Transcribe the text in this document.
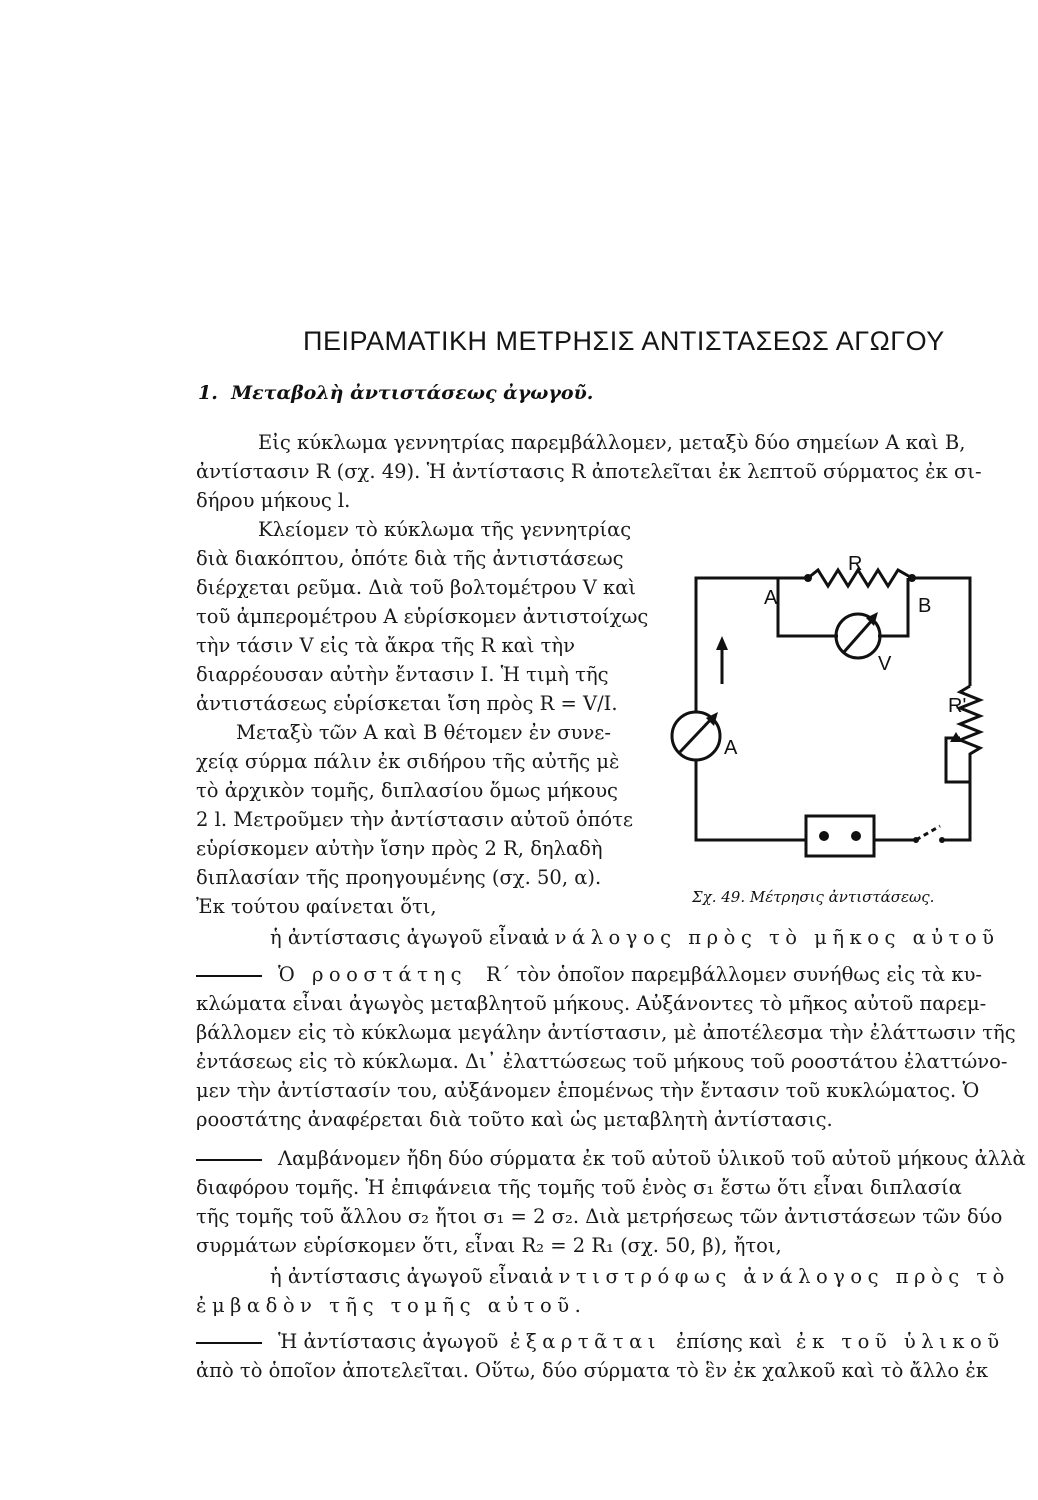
ΠΕΙΡΑΜΑΤΙΚΗ ΜΕΤΡΗΣΙΣ ΑΝΤΙΣΤΑΣΕΩΣ ΑΓΩΓΟΥ
1. Μεταβολὴ ἀντιστάσεως ἀγωγοῦ.
Εἰς κύκλωμα γεννητρίας παρεμβάλλομεν, μεταξὺ δύο σημείων A καὶ B,
ἀντίστασιν R (σχ. 49). Ἡ ἀντίστασις R ἀποτελεῖται ἐκ λεπτοῦ σύρματος ἐκ σι-
δήρου μήκους l.
Κλείομεν τὸ κύκλωμα τῆς γεννητρίας
διὰ διακόπτου, ὁπότε διὰ τῆς ἀντιστάσεως
διέρχεται ρεῦμα. Διὰ τοῦ βολτομέτρου V καὶ
τοῦ ἀμπερομέτρου A εὑρίσκομεν ἀντιστοίχως
τὴν τάσιν V εἰς τὰ ἄκρα τῆς R καὶ τὴν
διαρρέουσαν αὐτὴν ἔντασιν I. Ἡ τιμὴ τῆς
ἀντιστάσεως εὑρίσκεται ἴση πρὸς R = V/I.
Μεταξὺ τῶν A καὶ B θέτομεν ἐν συνε-
χείᾳ σύρμα πάλιν ἐκ σιδήρου τῆς αὐτῆς μὲ
τὸ ἀρχικὸν τομῆς, διπλασίου ὅμως μήκους
2 l. Μετροῦμεν τὴν ἀντίστασιν αὐτοῦ ὁπότε
εὑρίσκομεν αὐτὴν ἴσην πρὸς 2 R, δηλαδὴ
διπλασίαν τῆς προηγουμένης (σχ. 50, α).
Ἐκ τούτου φαίνεται ὅτι,
ἡ ἀντίστασις ἀγωγοῦ εἶναι
ἀνάλογος πρὸς τὸ μῆκος αὐτοῦ
Ὁ ροοστάτης R΄ τὸν ὁποῖον παρεμβάλλομεν συνήθως εἰς τὰ κυ-
κλώματα εἶναι ἀγωγὸς μεταβλητοῦ μήκους. Αὐξάνοντες τὸ μῆκος αὐτοῦ παρεμ-
βάλλομεν εἰς τὸ κύκλωμα μεγάλην ἀντίστασιν, μὲ ἀποτέλεσμα τὴν ἐλάττωσιν τῆς
ἐντάσεως εἰς τὸ κύκλωμα. Δι᾽ ἐλαττώσεως τοῦ μήκους τοῦ ροοστάτου ἐλαττώνο-
μεν τὴν ἀντίστασίν του, αὐξάνομεν ἑπομένως τὴν ἔντασιν τοῦ κυκλώματος. Ὁ
ροοστάτης ἀναφέρεται διὰ τοῦτο καὶ ὡς μεταβλητὴ ἀντίστασις.
Λαμβάνομεν ἤδη δύο σύρματα ἐκ τοῦ αὐτοῦ ὑλικοῦ τοῦ αὐτοῦ μήκους ἀλλὰ
διαφόρου τομῆς. Ἡ ἐπιφάνεια τῆς τομῆς τοῦ ἑνὸς σ₁ ἔστω ὅτι εἶναι διπλασία
τῆς τομῆς τοῦ ἄλλου σ₂ ἤτοι σ₁ = 2 σ₂. Διὰ μετρήσεως τῶν ἀντιστάσεων τῶν δύο
συρμάτων εὑρίσκομεν ὅτι, εἶναι R₂ = 2 R₁ (σχ. 50, β), ἤτοι,
ἡ ἀντίστασις ἀγωγοῦ εἶναι ἀντιστρόφως ἀνάλογος πρὸς τὸ
ἐμβαδὸν τῆς τομῆς αὐτοῦ.
Ἡ ἀντίστασις ἀγωγοῦ ἐξαρτᾶται ἐπίσης καὶ ἐκ τοῦ ὑλικοῦ
ἀπὸ τὸ ὁποῖον ἀποτελεῖται. Οὕτω, δύο σύρματα τὸ ἓν ἐκ χαλκοῦ καὶ τὸ ἄλλο ἐκ
R
A	B
V
A
R'
Σχ. 49. Μέτρησις ἀντιστάσεως.
